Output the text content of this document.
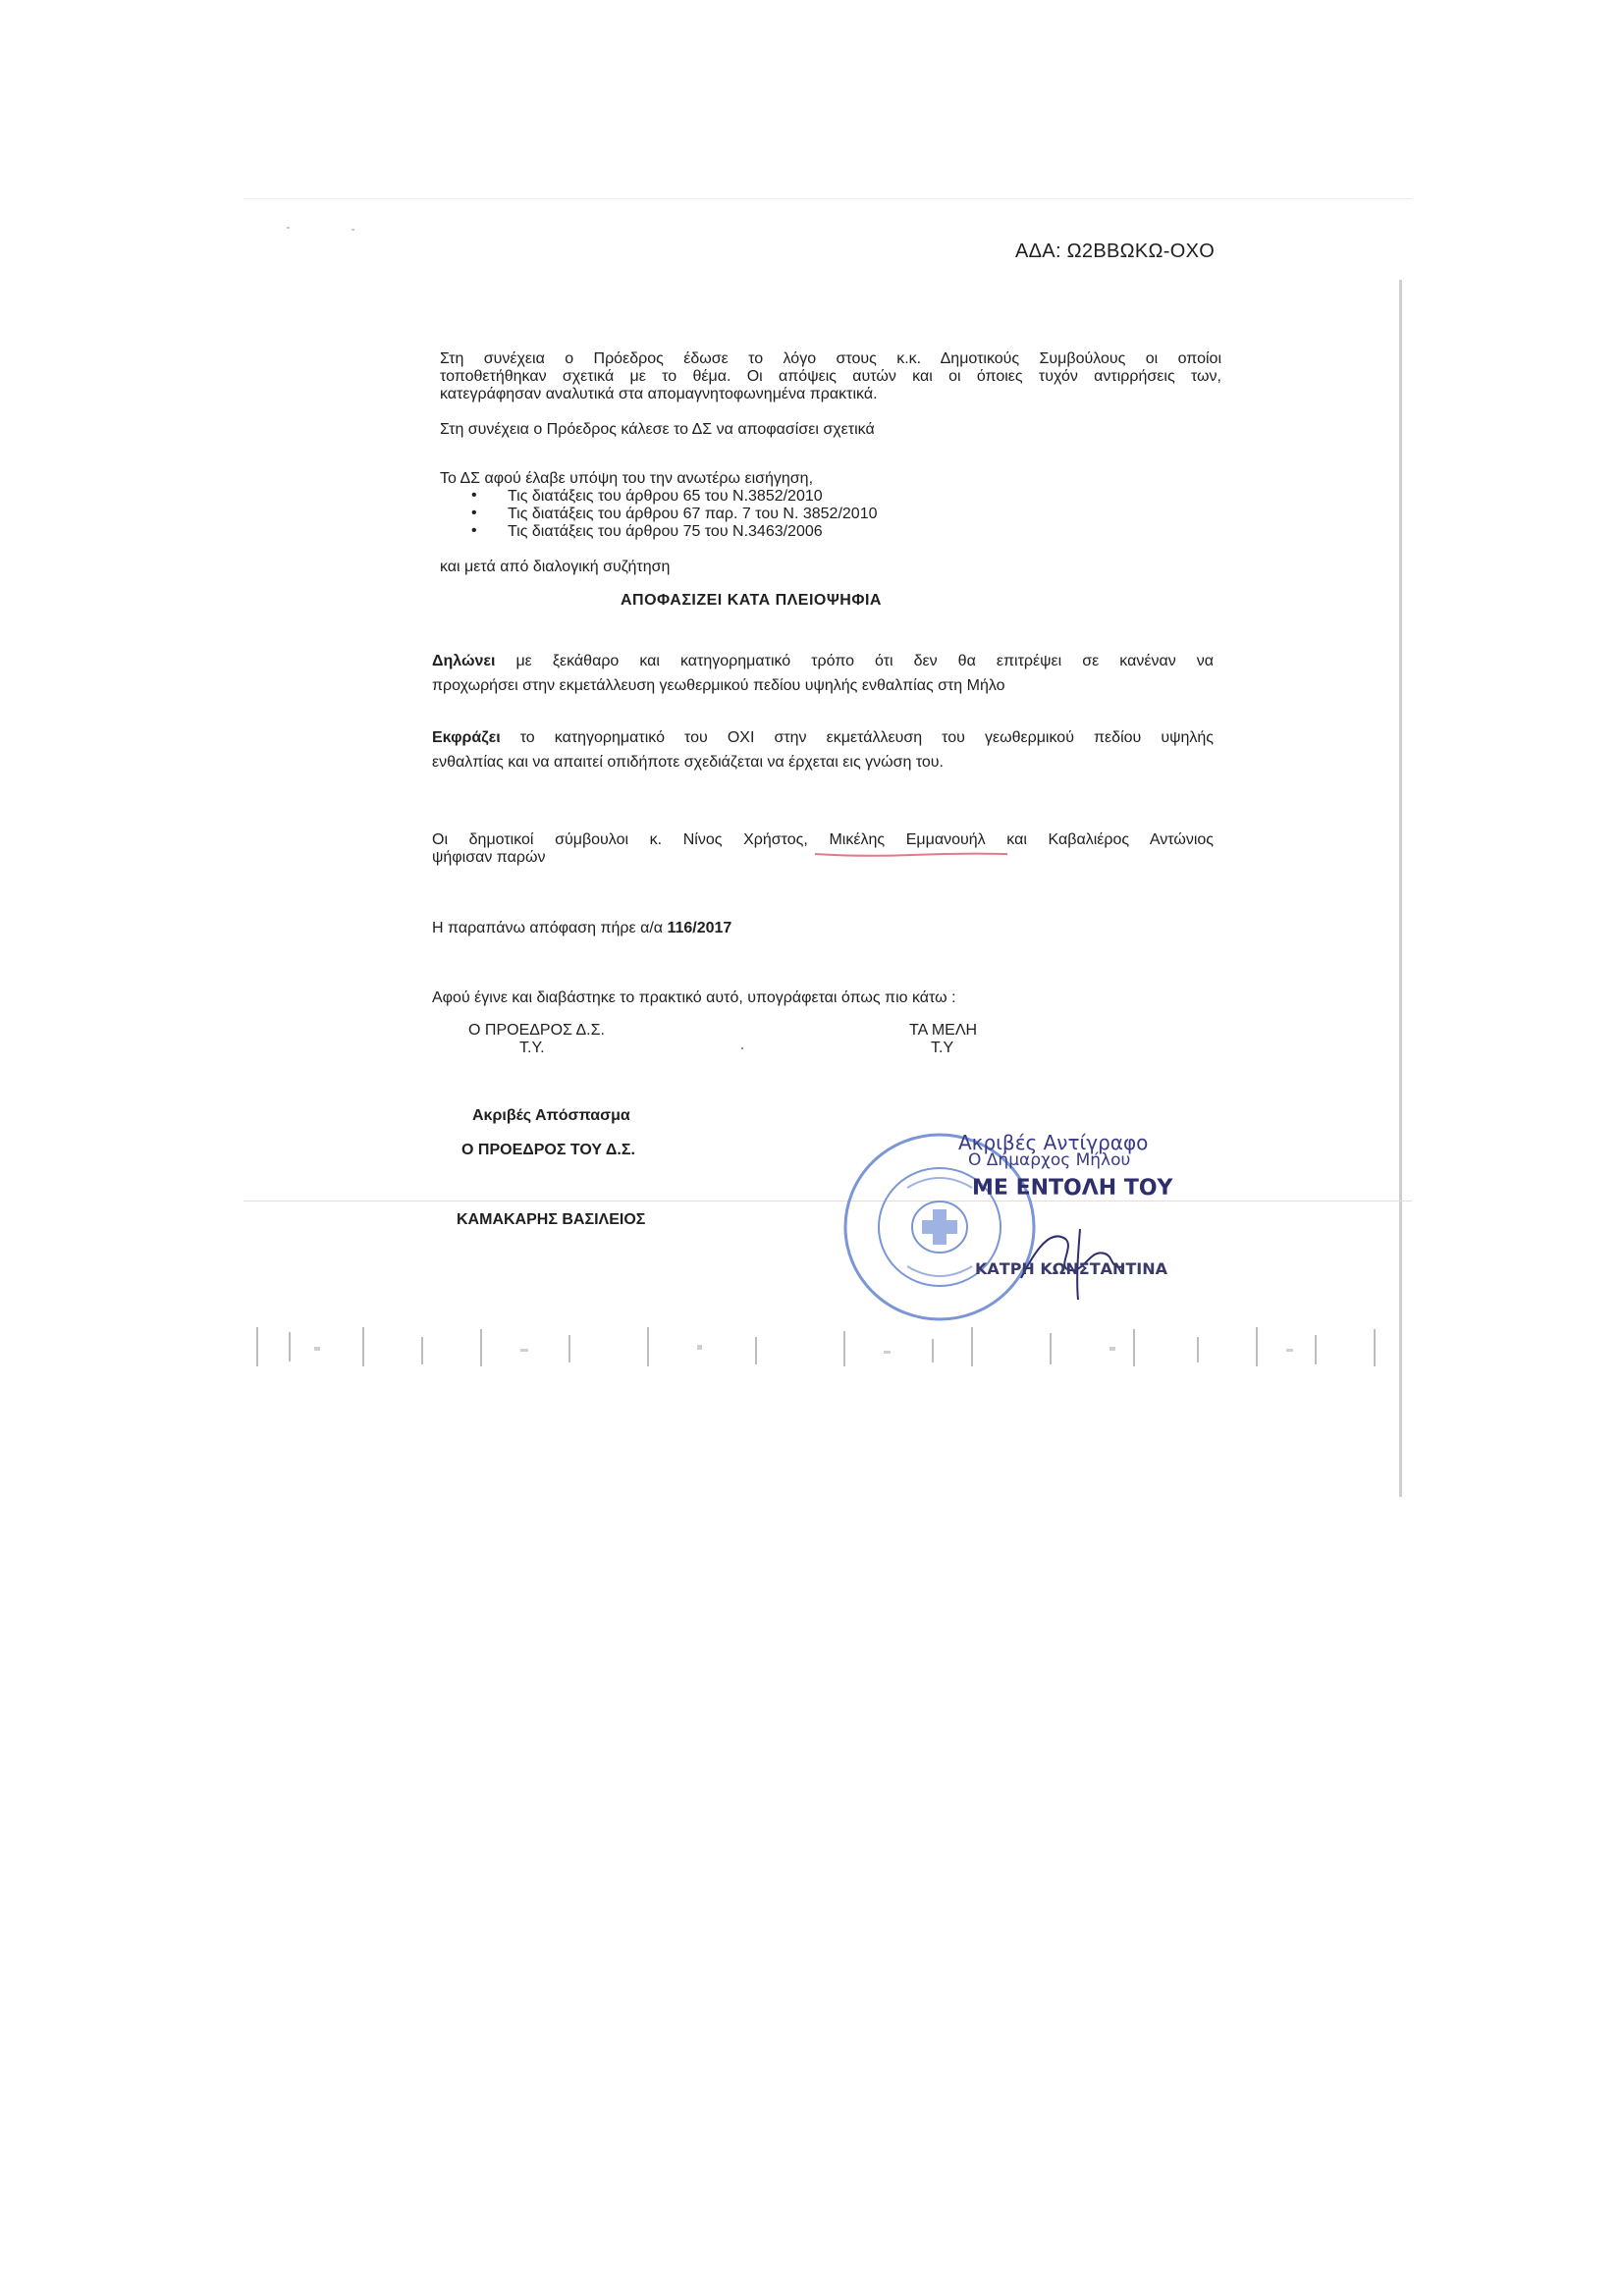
ΑΔΑ: Ω2ΒΒΩΚΩ-ΟΧΟ
Στη συνέχεια ο Πρόεδρος έδωσε το λόγο στους κ.κ. Δημοτικούς Συμβούλους οι οποίοι
τοποθετήθηκαν σχετικά με το θέμα. Οι απόψεις αυτών και οι όποιες τυχόν αντιρρήσεις των,
κατεγράφησαν αναλυτικά στα απομαγνητοφωνημένα πρακτικά.
Στη συνέχεια ο Πρόεδρος κάλεσε το ΔΣ να αποφασίσει σχετικά
Το ΔΣ αφού έλαβε υπόψη του την ανωτέρω εισήγηση,
• Τις διατάξεις του άρθρου 65 του Ν.3852/2010
• Τις διατάξεις του άρθρου 67 παρ. 7 του Ν. 3852/2010
• Τις διατάξεις του άρθρου 75 του Ν.3463/2006
και μετά από διαλογική συζήτηση
ΑΠΟΦΑΣΙΖΕΙ ΚΑΤΑ ΠΛΕΙΟΨΗΦΙΑ
Δηλώνει με ξεκάθαρο και κατηγορηματικό τρόπο ότι δεν θα επιτρέψει σε κανέναν να
προχωρήσει στην εκμετάλλευση γεωθερμικού πεδίου υψηλής ενθαλπίας στη Μήλο
Εκφράζει το κατηγορηματικό του ΟΧΙ στην εκμετάλλευση του γεωθερμικού πεδίου υψηλής
ενθαλπίας και να απαιτεί οπιδήποτε σχεδιάζεται να έρχεται εις γνώση του.
Οι δημοτικοί σύμβουλοι κ. Νίνος Χρήστος, Μικέλης Εμμανουήλ και Καβαλιέρος Αντώνιος
ψήφισαν παρών
Η παραπάνω απόφαση πήρε α/α 116/2017
Αφού έγινε και διαβάστηκε το πρακτικό αυτό, υπογράφεται όπως πιο κάτω :
Ο ΠΡΟΕΔΡΟΣ Δ.Σ.
Τ.Υ.
ΤΑ ΜΕΛΗ
Τ.Υ
Ακριβές Απόσπασμα
Ο ΠΡΟΕΔΡΟΣ ΤΟΥ Δ.Σ.
ΚΑΜΑΚΑΡΗΣ ΒΑΣΙΛΕΙΟΣ
Ακριβές Αντίγραφο
Ο Δήμαρχος Μήλου
ΜΕ ΕΝΤΟΛΗ ΤΟΥ
ΚΑΤΡΗ ΚΩΝΣΤΑΝΤΙΝΑ
